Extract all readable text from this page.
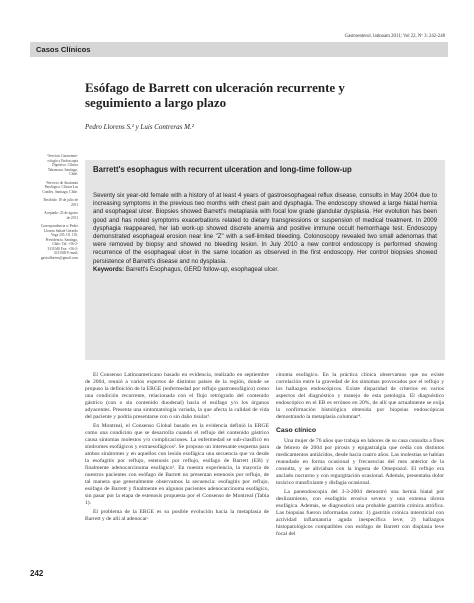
Gastroenterol. latinoam 2011; Vol 22, Nº 3: 242-248
Casos Clínicos
Esófago de Barrett con ulceración recurrente y seguimiento a largo plazo
Pedro Llorens S.¹ y Luis Contreras M.²

¹Servicio Gastroente-rología y Endoscopia Digestiva. Clínica Tabancura. Santiago, Chile.

²Servicio de Anatomía Patológica. Clínica Las Condes. Santiago, Chile.

Recibido: 18 de julio de 2011

Aceptado: 25 de agosto de 2011

Correspondencia a: Pedro Llorens Sabaté Gerardo Vega 235, Of. 110, Providencia. Santiago, Chile. Tel: +56-2-3311040 Fax: +56-2-3311049 E-mail: gastrollorens@gmail.com

Barrett's esophagus with recurrent ulceration and long-time follow-up

Seventy six year-old female with a history of at least 4 years of gastroesophageal reflux disease, consults in May 2004 due to increasing symptoms in the previous two months with chest pain and dysphagia. The endoscopy showed a large hiatal hernia and esophageal ulcer. Biopsies showed Barrett's metaplasia with focal low grade glandular dysplasia. Her evolution has been good and has noted symptoms exacerbations related to dietary transgressions or suspension of medical treatment. In 2009 dysphagia reappeared, her lab work-up showed discrete anemia and positive immune occult hemorrhage test. Endoscopy demonstrated esophageal erosion near line "Z" with a self-limited bleeding. Colonoscopy revealed two small adenomas that were removed by biopsy and showed no bleeding lesion. In July 2010 a new control endoscopy is performed showing recurrence of the esophageal ulcer in the same location as observed in the first endoscopy. Her control biopsies showed persistence of Barrett's disease and no dysplasia.

Keywords: Barrett's Esophagus, GERD follow-up, esophageal ulcer.

El Consenso Latinoamericano basado en evidencia, realizado en septiembre de 2004, reunió a varios expertos de distintos países de la región, donde se propuso la definición de la ERGE (enfermedad por reflujo gastroesofágico) como una condición recurrente, relacionada con el flujo retrógrado del contenido gástrico (con o sin contenido duodenal) hacia el esófago y/o los órganos adyacentes. Presenta una sintomatología variada, la que afecta la calidad de vida del paciente y podría presentarse con o sin daño tisular¹.

En Montreal, el Consenso Global basado en la evidencia definió la ERGE como una condición que se desarrolla cuando el reflujo del contenido gástrico causa síntomas molestos y/o complicaciones. La enfermedad se sub-clasificó en síndromes esofágicos y extraesofágicos². Se propuso un interesante esquema para ambos síndromes y en aquellos con lesión esofágica una secuencia que va desde la esofagitis por reflujo, estenosis por reflujo, esófago de Barrett (EB) y finalmente adenocarcinoma esofágico³. En nuestra experiencia, la mayoría de nuestros pacientes con esófago de Barrett no presentan estenosis por reflujo, de tal manera que generalmente observamos la secuencia: esofagitis por reflujo, esófago de Barrett y finalmente en algunos pacientes adenocarcinoma esofágico, sin pasar por la etapa de estenosis propuesta por el Consenso de Montreal (Tabla 1).

El problema de la ERGE es su posible evolución hacia la metaplasia de Barrett y de allí al adenocar-

cinoma esofágico. En la práctica clínica observamos que no existe correlación entre la gravedad de los síntomas provocados por el reflujo y los hallazgos endoscópicos. Existe disparidad de criterios en varios aspectos del diagnóstico y manejo de esta patología. El diagnóstico endoscópico en el EB es erróneo en 20%, de allí que actualmente se exija la confirmación histológica obtenida por biopsias endoscópicas demostrando la metaplasia columnar⁴.

Caso clínico

Una mujer de 76 años que trabaja en labores de su casa consulta a fines de febrero de 2004 por pirosis y epigastralgia que cedía con distintos medicamentos antiácidos, desde hacía cuatro años. Las molestias se habían reanudado en forma ocasional y frecuencias del mes anterior de la consulta, y se aliviaban con la ingesta de Omeprazol. El reflujo era anclado nocturno y con regurgitación ocasional. Además, presentaba dolor torácico transfixiante y disfagia ocasional.

La panendoscopia del 3-3-2004 demostró una hernia hiatal por deslizamiento, con esofagitis erosiva severa y una extensa úlcera esofágica. Además, se diagnosticó una probable gastritis crónica atrófica. Las biopsias fueron informadas como: 1) gastritis crónica intersticial con actividad inflamatoria aguda inespecífica leve; 2) hallazgos histopatológicos compatibles con esófago de Barrett con displasia leve focal del

242
